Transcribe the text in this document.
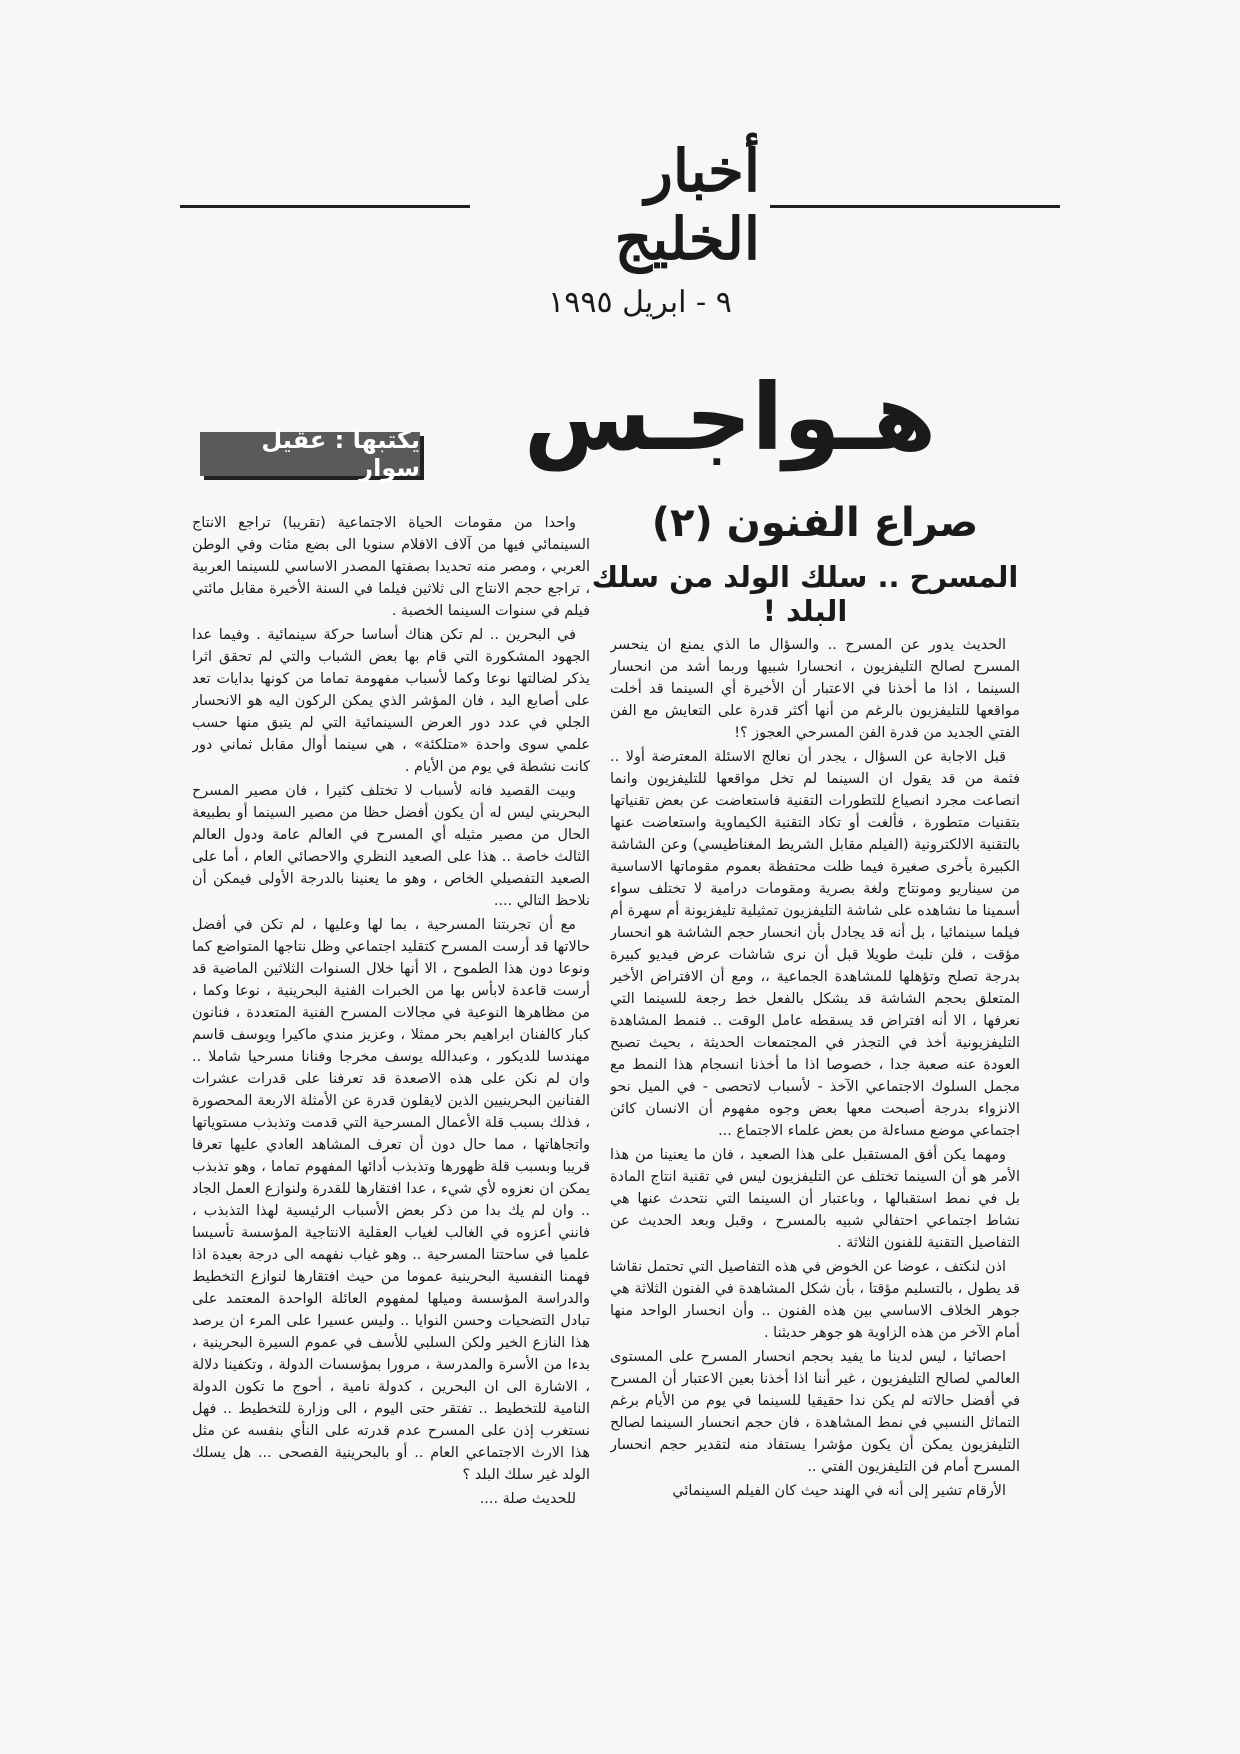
أخبار الخليج
٩ - ابريل ١٩٩٥
هـواجـس
يكتبها : عقيل سوار
صراع الفنون (٢)
المسرح .. سلك الولد من سلك البلد !

الحديث يدور عن المسرح .. والسؤال ما الذي يمنع ان ينحسر المسرح لصالح التليفزيون ، انحسارا شبيها وربما أشد من انحسار السينما ، اذا ما أخذنا في الاعتبار أن الأخيرة أي السينما قد أخلت مواقعها للتليفزيون بالرغم من أنها أكثر قدرة على التعايش مع الفن الفتي الجديد من قدرة الفن المسرحي العجوز ؟!

قبل الاجابة عن السؤال ، يجدر أن نعالج الاسئلة المعترضة أولا .. فثمة من قد يقول ان السينما لم تخل مواقعها للتليفزيون وانما انصاعت مجرد انصياع للتطورات التقنية فاستعاضت عن بعض تقنياتها بتقنيات متطورة ، فألغت أو تكاد التقنية الكيماوية واستعاضت عنها بالتقنية الالكترونية (الفيلم مقابل الشريط المغناطيسي) وعن الشاشة الكبيرة بأخرى صغيرة فيما ظلت محتفظة بعموم مقوماتها الاساسية من سيناريو ومونتاج ولغة بصرية ومقومات درامية لا تختلف سواء أسمينا ما نشاهده على شاشة التليفزيون تمثيلية تليفزيونة أم سهرة أم فيلما سينمائيا ، بل أنه قد يجادل بأن انحسار حجم الشاشة هو انحسار مؤقت ، فلن نلبث طويلا قبل أن نرى شاشات عرض فيديو كبيرة بدرجة تصلح وتؤهلها للمشاهدة الجماعية ،، ومع أن الافتراض الأخير المتعلق بحجم الشاشة قد يشكل بالفعل خط رجعة للسينما التي نعرفها ، الا أنه افتراض قد يسقطه عامل الوقت .. فنمط المشاهدة التليفزيونية أخذ في التجذر في المجتمعات الحديثة ، بحيث تصبح العودة عنه صعبة جدا ، خصوصا اذا ما أخذنا انسجام هذا النمط مع مجمل السلوك الاجتماعي الآخذ - لأسباب لاتحصى - في الميل نحو الانزواء بدرجة أصبحت معها بعض وجوه مفهوم أن الانسان كائن اجتماعي موضع مساءلة من بعض علماء الاجتماع ...

ومهما يكن أفق المستقبل على هذا الصعيد ، فان ما يعنينا من هذا الأمر هو أن السينما تختلف عن التليفزيون ليس في تقنية انتاج المادة بل في نمط استقبالها ، وباعتبار أن السينما التي نتحدث عنها هي نشاط اجتماعي احتفالي شبيه بالمسرح ، وقبل وبعد الحديث عن التفاصيل التقنية للفنون الثلاثة .

اذن لنكتف ، عوضا عن الخوض في هذه التفاصيل التي تحتمل نقاشا قد يطول ، بالتسليم مؤقتا ، بأن شكل المشاهدة في الفنون الثلاثة هي جوهر الخلاف الاساسي بين هذه الفنون .. وأن انحسار الواحد منها أمام الآخر من هذه الزاوية هو جوهر حديثنا .

احصائيا ، ليس لدينا ما يفيد بحجم انحسار المسرح على المستوى العالمي لصالح التليفزيون ، غير أننا اذا أخذنا بعين الاعتبار أن المسرح في أفضل حالاته لم يكن ندا حقيقيا للسينما في يوم من الأيام برغم التماثل النسبي في نمط المشاهدة ، فان حجم انحسار السينما لصالح التليفزيون يمكن أن يكون مؤشرا يستفاد منه لتقدير حجم انحسار المسرح أمام فن التليفزيون الفتي ..

الأرقام تشير إلى أنه في الهند حيث كان الفيلم السينمائي

واحدا من مقومات الحياة الاجتماعية (تقريبا) تراجع الانتاج السينمائي فيها من آلاف الافلام سنويا الى بضع مئات وفي الوطن العربي ، ومصر منه تحديدا بصفتها المصدر الاساسي للسينما العربية ، تراجع حجم الانتاج الى ثلاثين فيلما في السنة الأخيرة مقابل مائتي فيلم في سنوات السينما الخصبة .

في البحرين .. لم تكن هناك أساسا حركة سينمائية . وفيما عدا الجهود المشكورة التي قام بها بعض الشباب والتي لم تحقق اثرا يذكر لضالتها نوعا وكما لأسباب مفهومة تماما من كونها بدايات تعد على أصابع اليد ، فان المؤشر الذي يمكن الركون اليه هو الانحسار الجلي في عدد دور العرض السينمائية التي لم يتبق منها حسب علمي سوى واحدة «متلكئة» ، هي سينما أوال مقابل ثماني دور كانت نشطة في يوم من الأيام .

وبيت القصيد فانه لأسباب لا تختلف كثيرا ، فان مصير المسرح البحريني ليس له أن يكون أفضل حظا من مصير السينما أو بطبيعة الحال من مصير مثيله أي المسرح في العالم عامة ودول العالم الثالث خاصة .. هذا على الصعيد النظري والاحصائي العام ، أما على الصعيد التفصيلي الخاص ، وهو ما يعنينا بالدرجة الأولى فيمكن أن نلاحظ التالي ....

مع أن تجربتنا المسرحية ، بما لها وعليها ، لم تكن في أفضل حالاتها قد أرست المسرح كتقليد اجتماعي وظل نتاجها المتواضع كما ونوعا دون هذا الطموح ، الا أنها خلال السنوات الثلاثين الماضية قد أرست قاعدة لابأس بها من الخبرات الفنية البحرينية ، نوعا وكما ، من مظاهرها النوعية في مجالات المسرح الفنية المتعددة ، فنانون كبار كالفنان ابراهيم بحر ممثلا ، وعزيز مندي ماكيرا ويوسف قاسم مهندسا للديكور ، وعبدالله يوسف مخرجا وفنانا مسرحيا شاملا .. وان لم نكن على هذه الاصعدة قد تعرفنا على قدرات عشرات الفنانين البحرينيين الذين لايقلون قدرة عن الأمثلة الاربعة المحصورة ، فذلك بسبب قلة الأعمال المسرحية التي قدمت وتذبذب مستوياتها واتجاهاتها ، مما حال دون أن تعرف المشاهد العادي عليها تعرفا قريبا وبسبب قلة ظهورها وتذبذب أدائها المفهوم تماما ، وهو تذبذب يمكن ان نعزوه لأي شيء ، عدا افتقارها للقدرة ولنوازع العمل الجاد .. وان لم يك بدا من ذكر بعض الأسباب الرئيسية لهذا التذبذب ، فانني أعزوه في الغالب لغياب العقلية الانتاجية المؤسسة تأسيسا علميا في ساحتنا المسرحية .. وهو غياب نفهمه الى درجة بعيدة اذا فهمنا النفسية البحرينية عموما من حيث افتقارها لنوازع التخطيط والدراسة المؤسسة وميلها لمفهوم العائلة الواحدة المعتمد على تبادل التضحيات وحسن النوايا .. وليس عسيرا على المرء ان يرصد هذا النازع الخير ولكن السلبي للأسف في عموم السيرة البحرينية ، بدءا من الأسرة والمدرسة ، مرورا بمؤسسات الدولة ، وتكفينا دلالة ، الاشارة الى ان البحرين ، كدولة نامية ، أحوج ما تكون الدولة النامية للتخطيط .. تفتقر حتى اليوم ، الى وزارة للتخطيط .. فهل نستغرب إذن على المسرح عدم قدرته على النأي بنفسه عن مثل هذا الارث الاجتماعي العام .. أو بالبحرينية الفصحى ... هل يسلك الولد غير سلك البلد ؟

للحديث صلة ....
